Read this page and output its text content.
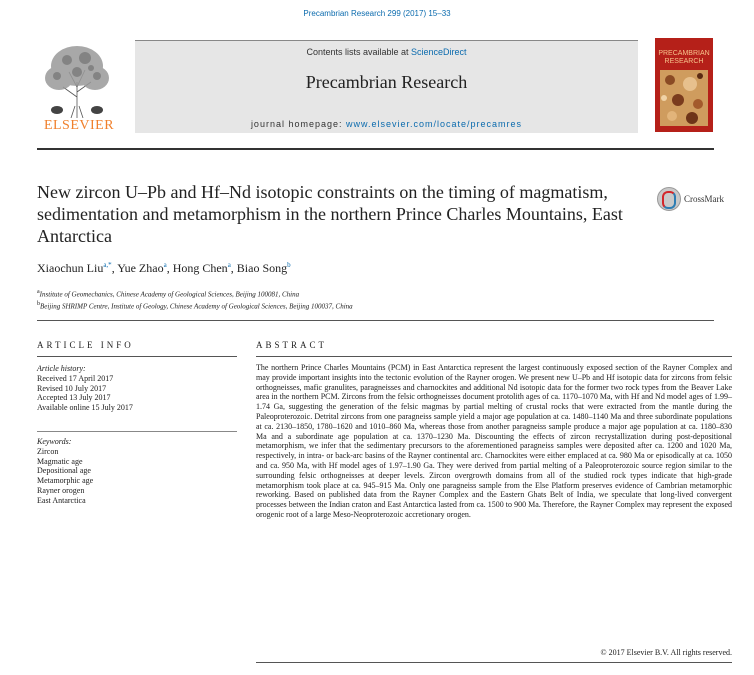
Precambrian Research 299 (2017) 15–33
ELSEVIER
Contents lists available at ScienceDirect
Precambrian Research
journal homepage: www.elsevier.com/locate/precamres
PRECAMBRIAN
RESEARCH
New zircon U–Pb and Hf–Nd isotopic constraints on the timing of magmatism, sedimentation and metamorphism in the northern Prince Charles Mountains, East Antarctica
CrossMark
Xiaochun Liu$^{a,*}$, Yue Zhao$^a$, Hong Chen$^a$, Biao Song$^b$
$^a$Institute of Geomechanics, Chinese Academy of Geological Sciences, Beijing 100081, China
$^b$Beijing SHRIMP Centre, Institute of Geology, Chinese Academy of Geological Sciences, Beijing 100037, China
ARTICLE INFO	ABSTRACT
Article history:
Received 17 April 2017
Revised 10 July 2017
Accepted 13 July 2017
Available online 15 July 2017
Keywords:
Zircon
Magmatic age
Depositional age
Metamorphic age
Rayner orogen
East Antarctica
The northern Prince Charles Mountains (PCM) in East Antarctica represent the largest continuously exposed section of the Rayner Complex and may provide important insights into the tectonic evolution of the Rayner orogen. We present new U–Pb and Hf isotopic data for zircons from felsic orthogneisses, mafic granulites, paragneisses and charnockites and additional Nd isotopic data for the former two rock types from the Beaver Lake area in the northern PCM. Zircons from the felsic orthogneisses document protolith ages of ca. 1170–1070 Ma, with Hf and Nd model ages of 1.99–1.74 Ga, suggesting the generation of the felsic magmas by partial melting of crustal rocks that were extracted from the mantle during the Paleoproterozoic. Detrital zircons from one paragneiss sample yield a major age population at ca. 1480–1140 Ma and three subordinate populations at ca. 2130–1850, 1780–1620 and 1010–860 Ma, whereas those from another paragneiss sample produce a major age population at ca. 1180–830 Ma and a subordinate age population at ca. 1370–1230 Ma. Discounting the effects of zircon recrystallization during post-depositional metamorphism, we infer that the sedimentary precursors to the aforementioned paragneiss samples were deposited after ca. 1200 and 1020 Ma, respectively, in intra- or back-arc basins of the Rayner continental arc. Charnockites were either emplaced at ca. 980 Ma or episodically at ca. 1050 and ca. 950 Ma, with Hf model ages of 1.97–1.90 Ga. They were derived from partial melting of a Paleoproterozoic source region similar to the surrounding felsic orthogneisses at deeper levels. Zircon overgrowth domains from all of the studied rock types indicate that high-grade metamorphism took place at ca. 945–915 Ma. Only one paragneiss sample from the Else Platform preserves evidence of Cambrian metamorphic reworking. Based on published data from the Rayner Complex and the Eastern Ghats Belt of India, we speculate that long-lived convergent processes between the Indian craton and East Antarctica lasted from ca. 1500 to 900 Ma. Therefore, the Rayner Complex may represent the exposed orogenic root of a large Meso-Neoproterozoic accretionary orogen.
© 2017 Elsevier B.V. All rights reserved.
